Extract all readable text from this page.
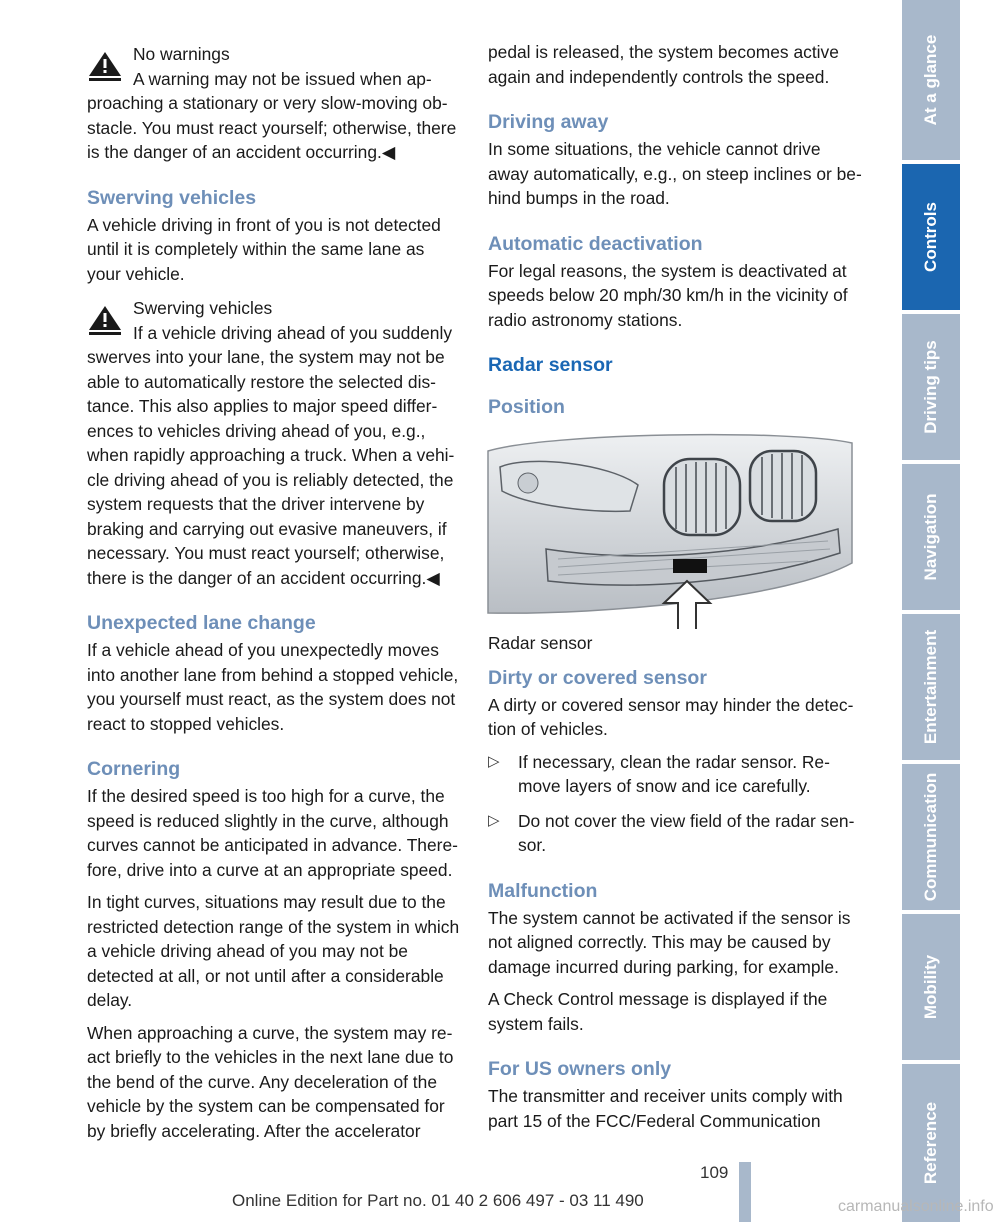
No warnings
A warning may not be issued when ap-
proaching a stationary or very slow-moving ob-stacle. You must react yourself; otherwise, there is the danger of an accident occurring.◀
Swerving vehicles

A vehicle driving in front of you is not detected until it is completely within the same lane as your vehicle.

Swerving vehicles
If a vehicle driving ahead of you suddenly
swerves into your lane, the system may not be able to automatically restore the selected dis-tance. This also applies to major speed differ-ences to vehicles driving ahead of you, e.g., when rapidly approaching a truck. When a vehi-cle driving ahead of you is reliably detected, the system requests that the driver intervene by braking and carrying out evasive maneuvers, if necessary. You must react yourself; otherwise, there is the danger of an accident occurring.◀
Unexpected lane change

If a vehicle ahead of you unexpectedly moves into another lane from behind a stopped vehicle, you yourself must react, as the system does not react to stopped vehicles.

Cornering

If the desired speed is too high for a curve, the speed is reduced slightly in the curve, although curves cannot be anticipated in advance. There-fore, drive into a curve at an appropriate speed.

In tight curves, situations may result due to the restricted detection range of the system in which a vehicle driving ahead of you may not be detected at all, or not until after a considerable delay.

When approaching a curve, the system may re-act briefly to the vehicles in the next lane due to the bend of the curve. Any deceleration of the vehicle by the system can be compensated for by briefly accelerating. After the accelerator

pedal is released, the system becomes active again and independently controls the speed.

Driving away

In some situations, the vehicle cannot drive away automatically, e.g., on steep inclines or be-hind bumps in the road.

Automatic deactivation

For legal reasons, the system is deactivated at speeds below 20 mph/30 km/h in the vicinity of radio astronomy stations.

Radar sensor
Position

Radar sensor

Dirty or covered sensor

A dirty or covered sensor may hinder the detec-tion of vehicles.

▷ If necessary, clean the radar sensor. Re-move layers of snow and ice carefully.
▷ Do not cover the view field of the radar sen-sor.
Malfunction

The system cannot be activated if the sensor is not aligned correctly. This may be caused by damage incurred during parking, for example.

A Check Control message is displayed if the system fails.

For US owners only

The transmitter and receiver units comply with part 15 of the FCC/Federal Communication

At a glance
Controls
Driving tips
Navigation
Entertainment
Communication
Mobility
Reference
109
Online Edition for Part no. 01 40 2 606 497 - 03 11 490	carmanualsonline.info
